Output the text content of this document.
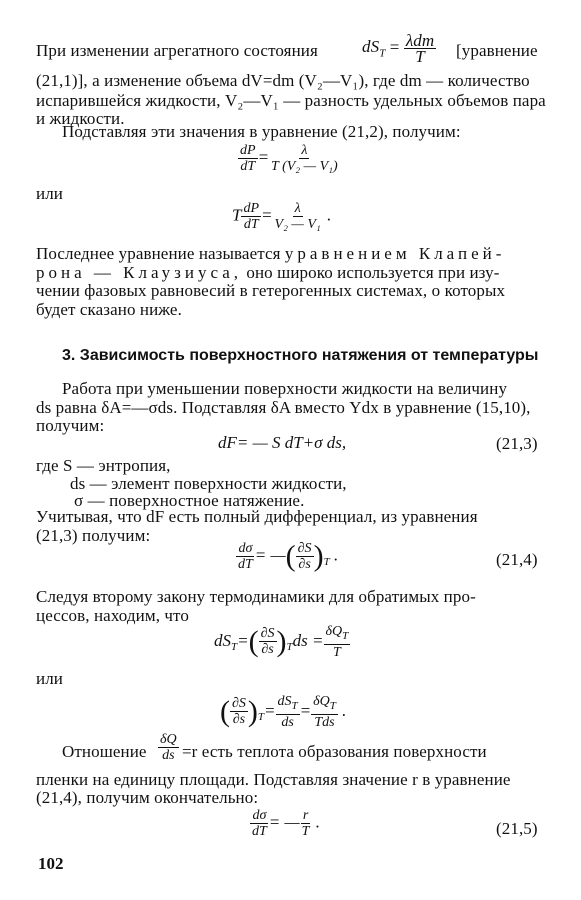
При изменении агрегатного состояния	$dS_T = \lambda dm$
T [уравнение
(21,1)], а изменение объема dV=dm (V₂—V₁), где dm — количество
испарившейся жидкости, V₂—V₁ — разность удельных объемов пара
и жидкости.
Подставляя эти значения в уравнение (21,2), получим:
$\frac{dP}{dT} = \frac{\lambda}{\text{T (V₂ — V₁)}}$
или
T $\frac{dP}{dT} = \frac{\lambda}{\text{V₂ — V₁}}$ .
Последнее уравнение называется уравнением Клапей-
рона — Клаузиуса, оно широко используется при изу-
чении фазовых равновесий в гетерогенных системах, о которых
будет сказано ниже.
3. Зависимость поверхностного натяжения от температуры
Работа при уменьшении поверхности жидкости на величину
ds равна δA=—σds. Подставляя δA вместо Ydx в уравнение (15,10),
получим:
dF= — S dT+σ ds,	(21,3)
где S — энтропия,
ds — элемент поверхности жидкости,
σ — поверхностное натяжение.
Учитывая, что dF есть полный дифференциал, из уравнения
(21,3) получим:
$\frac{d\sigma}{dT}$ = —( $\frac{\partial S}{\partial s} )_T$ .	(21,4)
Следуя второму закону термодинамики для обратимых про-
цессов, находим, что
$dS_T=( \frac{\partial S}{\partial s} )_Tds = \delta Q_T$
T
или
( $\frac{\partial S}{\partial s} )_T= dS_T$
ds
= $\delta Q_T$
Tds
.
Отношение $\frac{\delta Q}{ds} =r$ есть теплота образования поверхности
пленки на единицу площади. Подставляя значение r в уравнение
(21,4), получим окончательно:
$\frac{d\sigma}{dT}$ = — $\frac{r}{T}$ .	(21,5)
102
